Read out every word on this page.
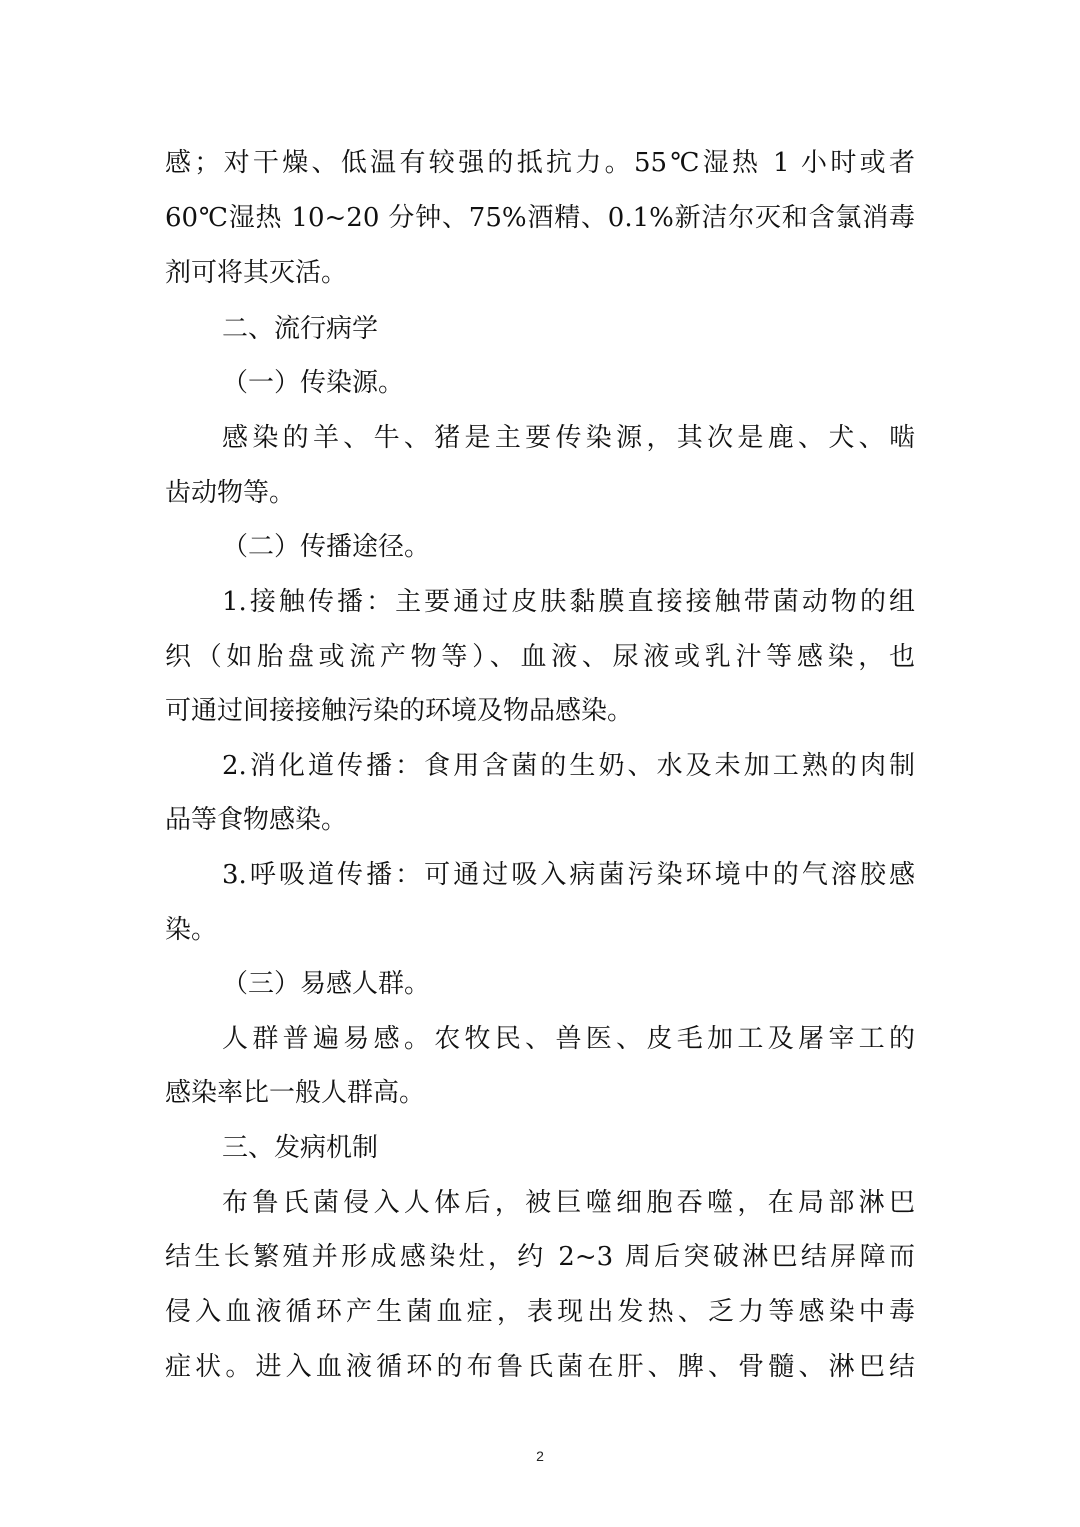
感；对干燥、低温有较强的抵抗力。55℃湿热 1 小时或者
60℃湿热 10~20 分钟、75%酒精、0.1%新洁尔灭和含氯消毒
剂可将其灭活。
二、流行病学
（一）传染源。
感染的羊、牛、猪是主要传染源，其次是鹿、犬、啮
齿动物等。
（二）传播途径。
1.接触传播：主要通过皮肤黏膜直接接触带菌动物的组
织（如胎盘或流产物等）、血液、尿液或乳汁等感染，也
可通过间接接触污染的环境及物品感染。
2.消化道传播：食用含菌的生奶、水及未加工熟的肉制
品等食物感染。
3.呼吸道传播：可通过吸入病菌污染环境中的气溶胶感
染。
（三）易感人群。
人群普遍易感。农牧民、兽医、皮毛加工及屠宰工的
感染率比一般人群高。
三、发病机制
布鲁氏菌侵入人体后，被巨噬细胞吞噬，在局部淋巴
结生长繁殖并形成感染灶，约 2~3 周后突破淋巴结屏障而
侵入血液循环产生菌血症，表现出发热、乏力等感染中毒
症状。进入血液循环的布鲁氏菌在肝、脾、骨髓、淋巴结
2
